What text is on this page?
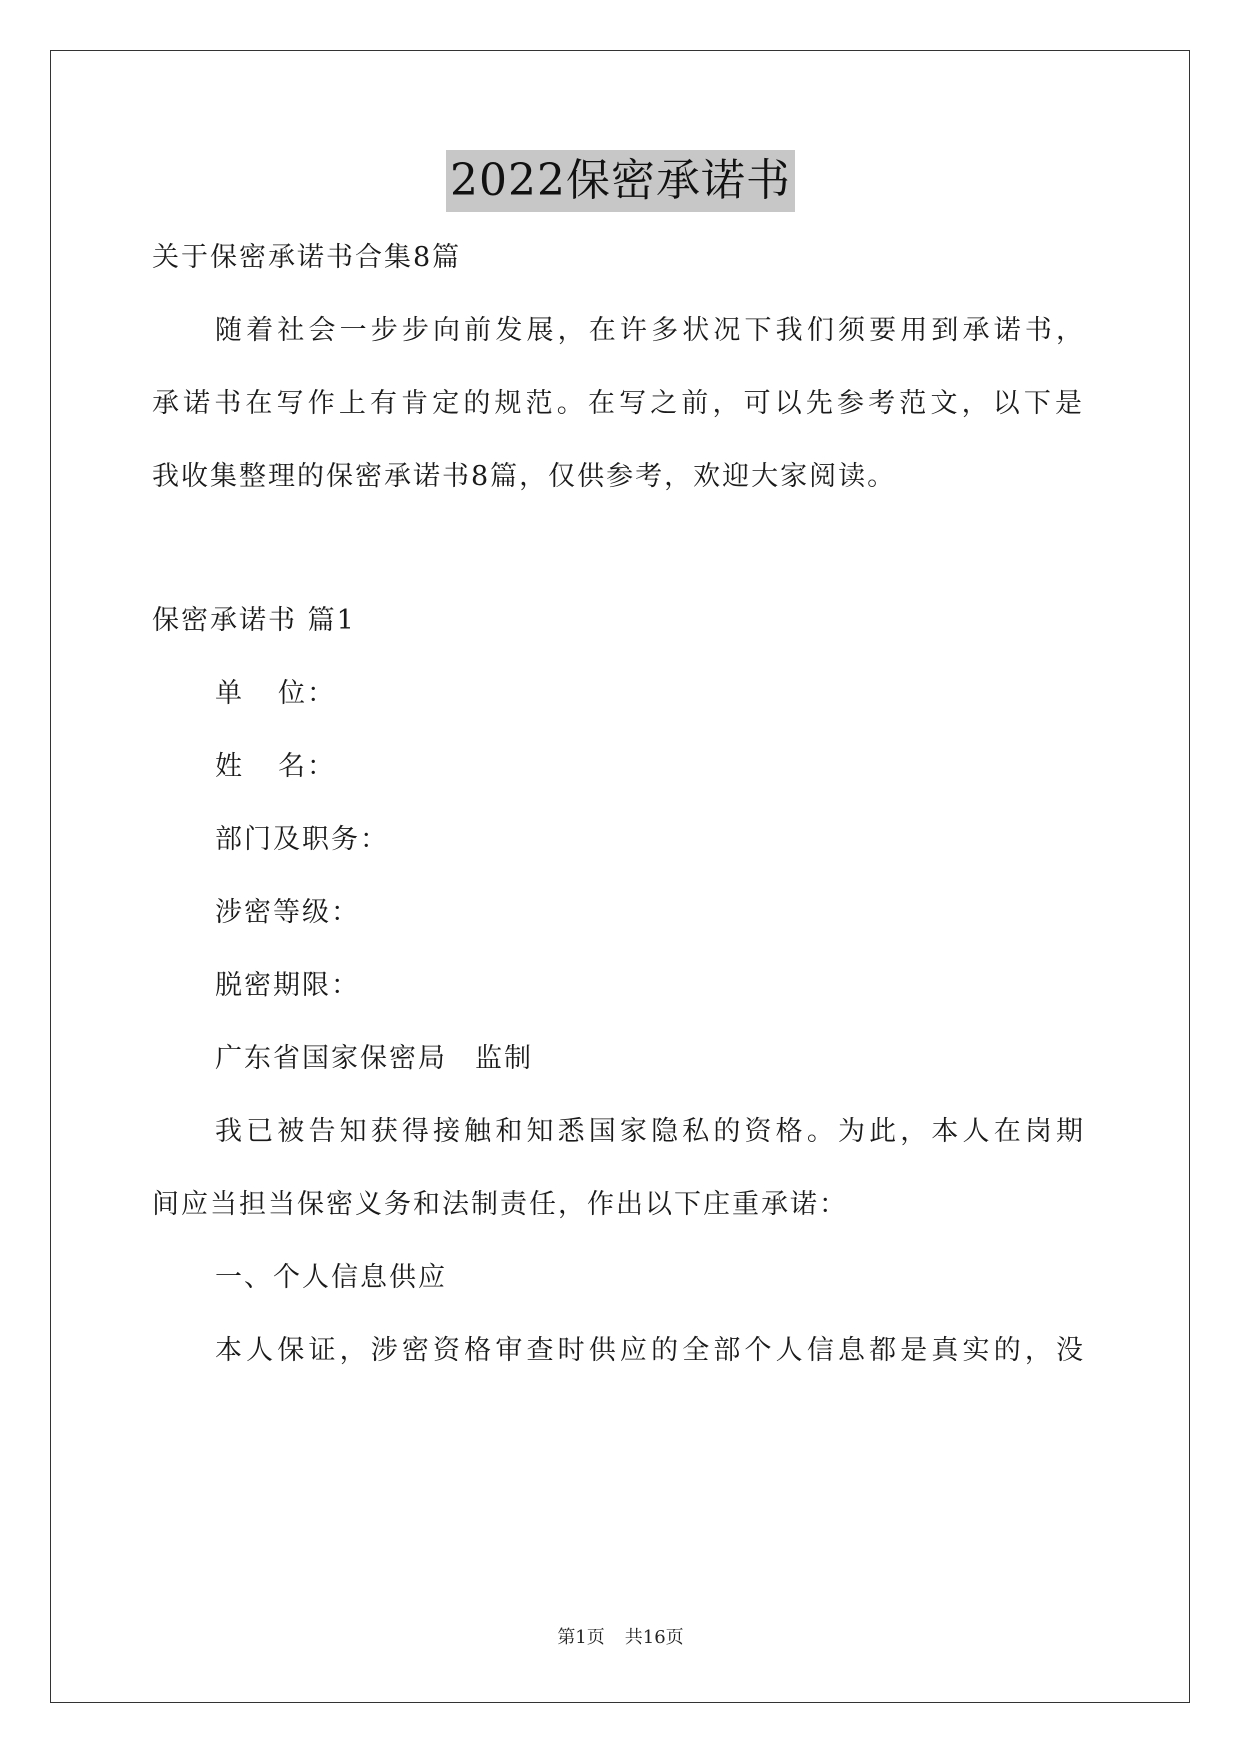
2022保密承诺书
关于保密承诺书合集8篇
随着社会一步步向前发展，在许多状况下我们须要用到承诺书，
承诺书在写作上有肯定的规范。在写之前，可以先参考范文，以下是
我收集整理的保密承诺书8篇，仅供参考，欢迎大家阅读。
保密承诺书 篇1
单 位：
姓 名：
部门及职务：
涉密等级：
脱密期限：
广东省国家保密局 监制
我已被告知获得接触和知悉国家隐私的资格。为此，本人在岗期
间应当担当保密义务和法制责任，作出以下庄重承诺：
一、个人信息供应
本人保证，涉密资格审查时供应的全部个人信息都是真实的，没
第1页 共16页
